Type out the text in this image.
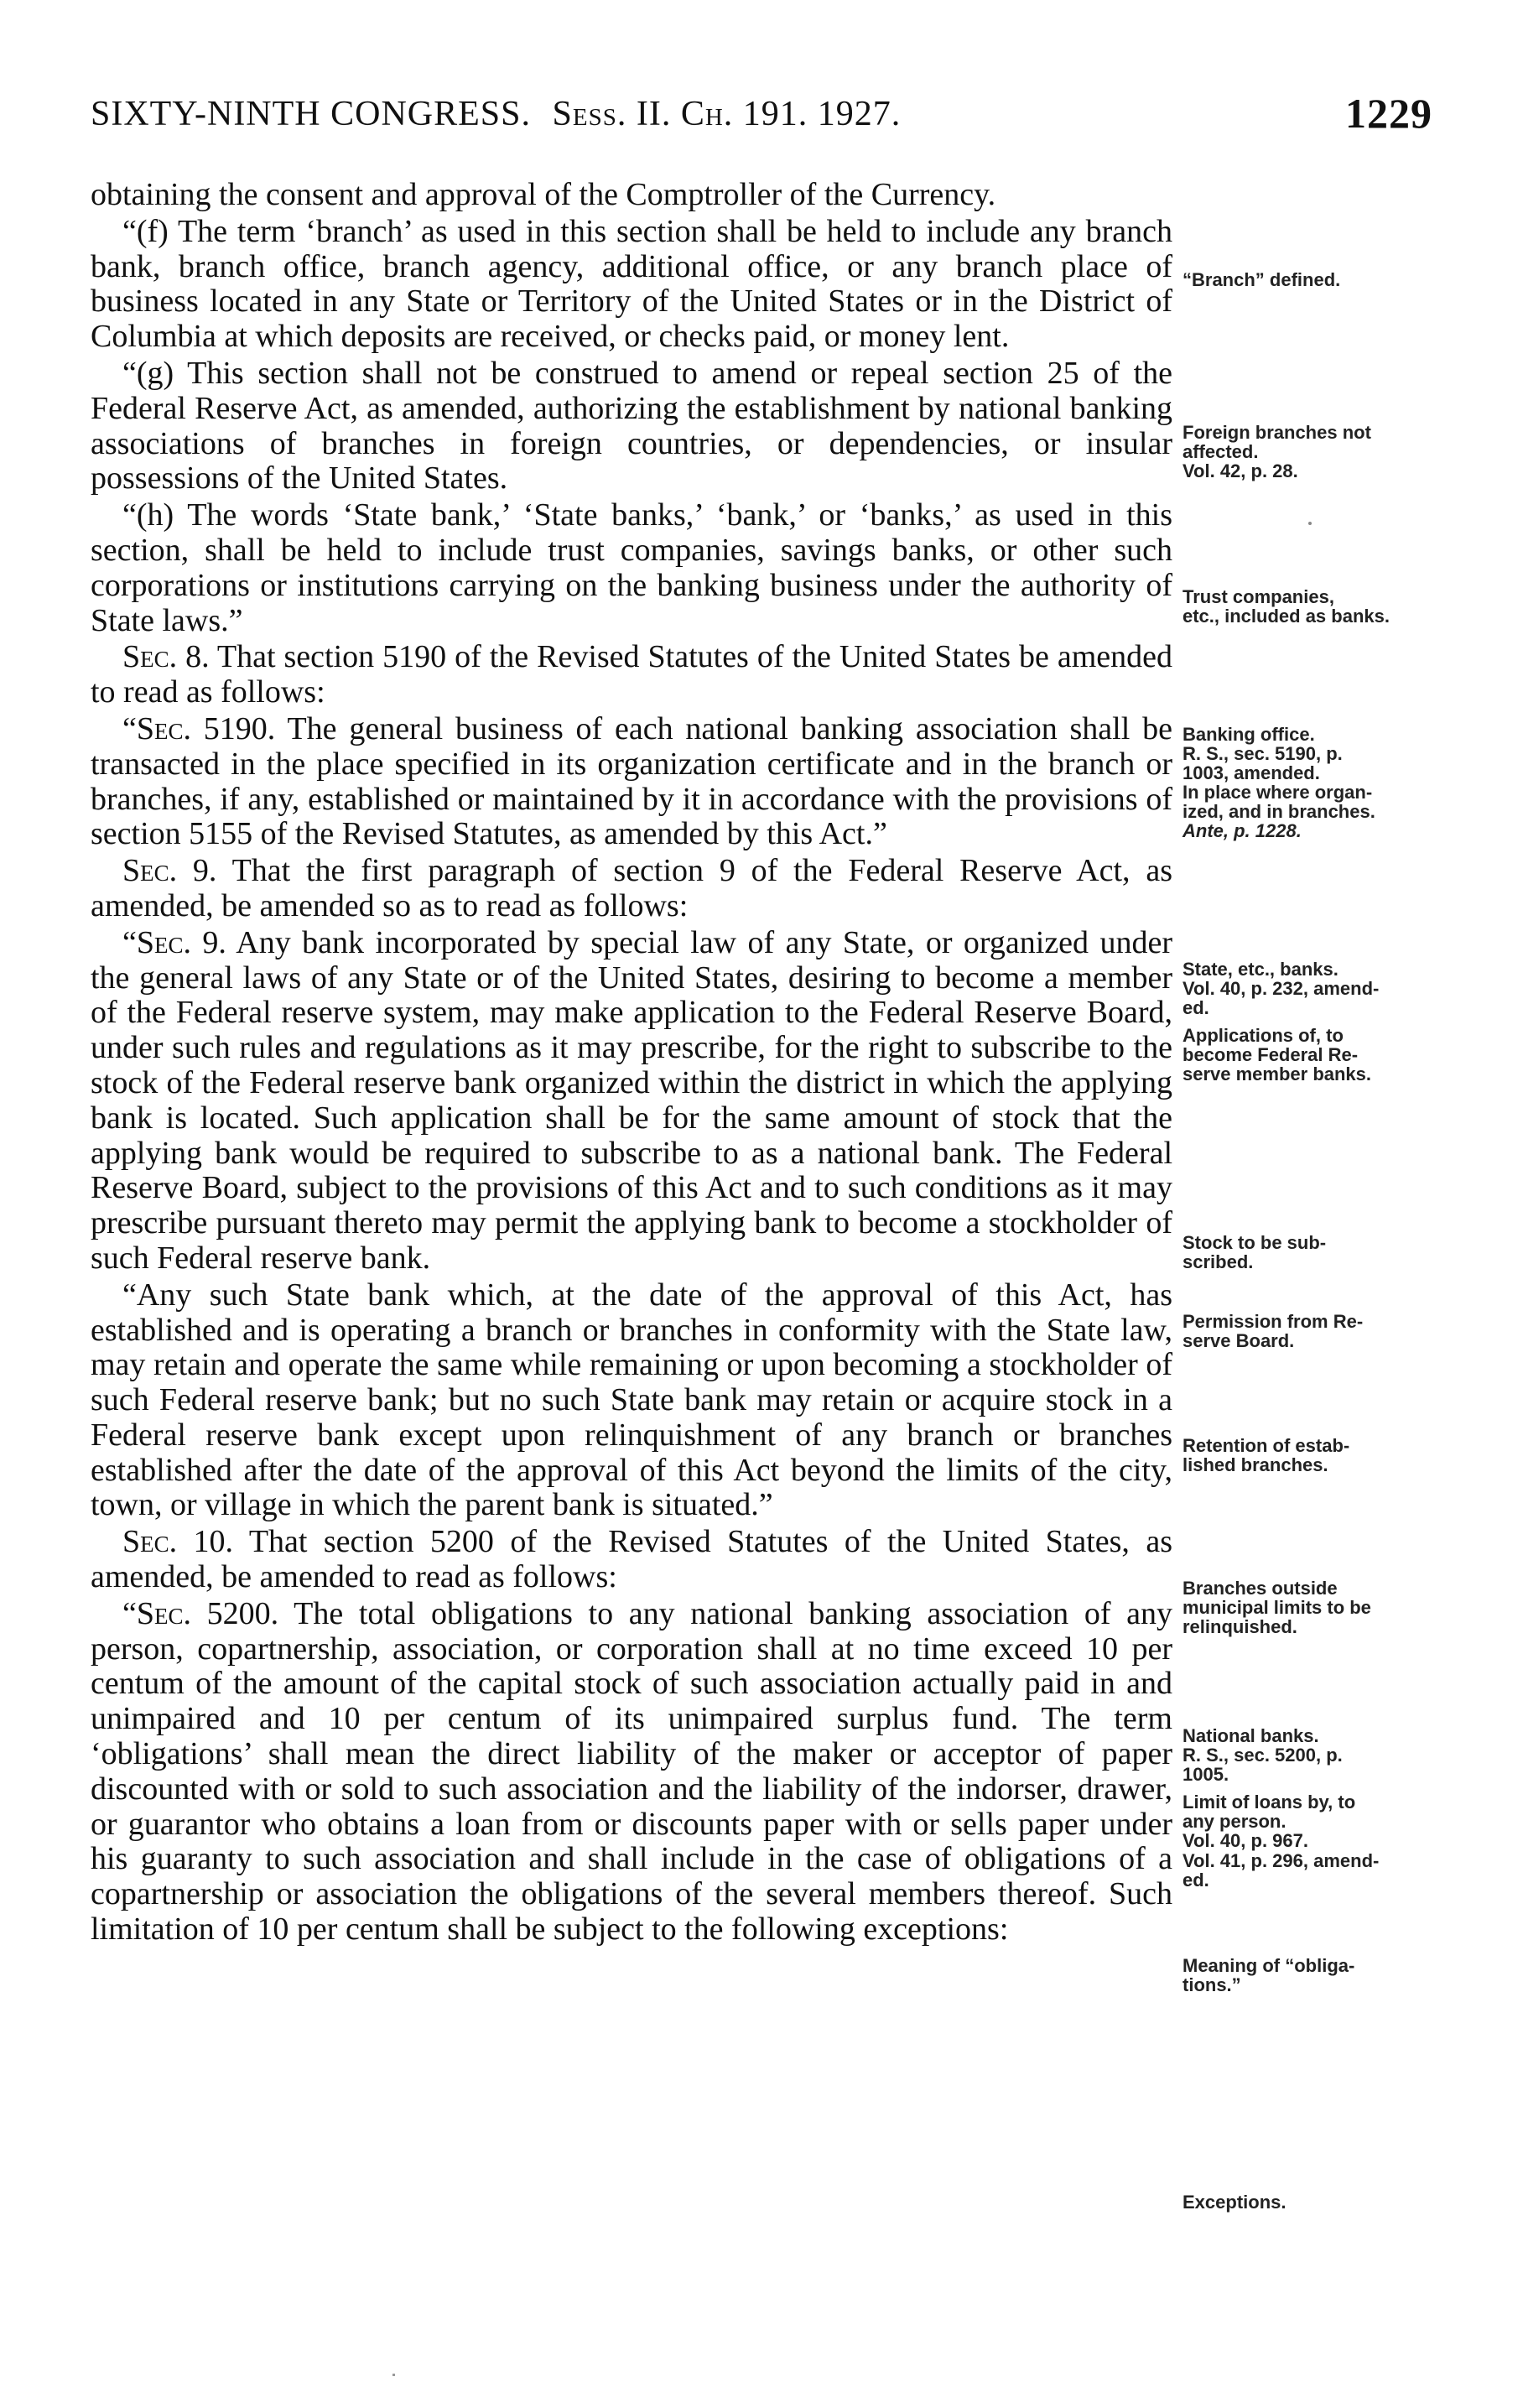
SIXTY-NINTH CONGRESS. Sess. II. Ch. 191. 1927.	1229

obtaining the consent and approval of the Comptroller of the Currency.

“(f) The term ‘branch’ as used in this section shall be held to include any branch bank, branch office, branch agency, additional office, or any branch place of business located in any State or Territory of the United States or in the District of Columbia at which deposits are received, or checks paid, or money lent.

“(g) This section shall not be construed to amend or repeal section 25 of the Federal Reserve Act, as amended, authorizing the establishment by national banking associations of branches in foreign countries, or dependencies, or insular possessions of the United States.

“(h) The words ‘State bank,’ ‘State banks,’ ‘bank,’ or ‘banks,’ as used in this section, shall be held to include trust companies, savings banks, or other such corporations or institutions carrying on the banking business under the authority of State laws.”

Sec. 8. That section 5190 of the Revised Statutes of the United States be amended to read as follows:

“Sec. 5190. The general business of each national banking association shall be transacted in the place specified in its organization certificate and in the branch or branches, if any, established or maintained by it in accordance with the provisions of section 5155 of the Revised Statutes, as amended by this Act.”

Sec. 9. That the first paragraph of section 9 of the Federal Reserve Act, as amended, be amended so as to read as follows:

“Sec. 9. Any bank incorporated by special law of any State, or organized under the general laws of any State or of the United States, desiring to become a member of the Federal reserve system, may make application to the Federal Reserve Board, under such rules and regulations as it may prescribe, for the right to subscribe to the stock of the Federal reserve bank organized within the district in which the applying bank is located. Such application shall be for the same amount of stock that the applying bank would be required to subscribe to as a national bank. The Federal Reserve Board, subject to the provisions of this Act and to such conditions as it may prescribe pursuant thereto may permit the applying bank to become a stockholder of such Federal reserve bank.

“Any such State bank which, at the date of the approval of this Act, has established and is operating a branch or branches in conformity with the State law, may retain and operate the same while remaining or upon becoming a stockholder of such Federal reserve bank; but no such State bank may retain or acquire stock in a Federal reserve bank except upon relinquishment of any branch or branches established after the date of the approval of this Act beyond the limits of the city, town, or village in which the parent bank is situated.”

Sec. 10. That section 5200 of the Revised Statutes of the United States, as amended, be amended to read as follows:

“Sec. 5200. The total obligations to any national banking association of any person, copartnership, association, or corporation shall at no time exceed 10 per centum of the amount of the capital stock of such association actually paid in and unimpaired and 10 per centum of its unimpaired surplus fund. The term ‘obligations’ shall mean the direct liability of the maker or acceptor of paper discounted with or sold to such association and the liability of the indorser, drawer, or guarantor who obtains a loan from or discounts paper with or sells paper under his guaranty to such association and shall include in the case of obligations of a copartnership or association the obligations of the several members thereof. Such limitation of 10 per centum shall be subject to the following exceptions:

“Branch” defined.
Foreign branches not
affected.
Vol. 42, p. 28.
Trust companies,
etc., included as banks.
Banking office.
R. S., sec. 5190, p.
1003, amended.
In place where organ-
ized, and in branches.
Ante, p. 1228.
State, etc., banks.
Vol. 40, p. 232, amend-
ed.
Applications of, to
become Federal Re-
serve member banks.
Stock to be sub-
scribed.
Permission from Re-
serve Board.
Retention of estab-
lished branches.
Branches outside
municipal limits to be
relinquished.
National banks.
R. S., sec. 5200, p.
1005.
Limit of loans by, to
any person.
Vol. 40, p. 967.
Vol. 41, p. 296, amend-
ed.
Meaning of “obliga-
tions.”
Exceptions.
